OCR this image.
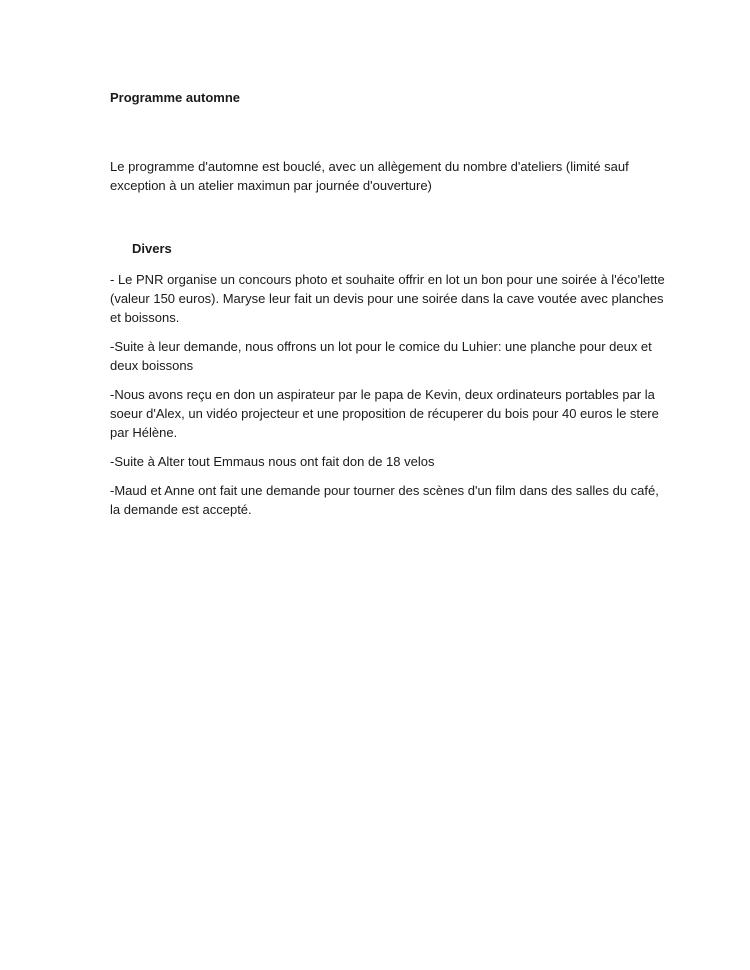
Programme automne

Le programme d'automne est bouclé, avec un allègement du nombre d'ateliers (limité sauf exception à un atelier maximun par journée d'ouverture)

Divers

- Le PNR organise un concours photo et souhaite offrir en lot un bon pour une soirée à l'éco'lette (valeur 150 euros). Maryse leur fait un devis pour une soirée dans la cave voutée avec planches et boissons.

-Suite à leur demande, nous offrons un lot pour le comice du Luhier: une planche pour deux et deux boissons

-Nous avons reçu en don un aspirateur par le papa de Kevin, deux ordinateurs portables par la soeur d'Alex, un vidéo projecteur et une proposition de récuperer du bois pour 40 euros le stere par Hélène.

-Suite à Alter tout Emmaus nous ont fait don de 18 velos

-Maud et Anne ont fait une demande pour tourner des scènes d'un film dans des salles du café, la demande est accepté.
